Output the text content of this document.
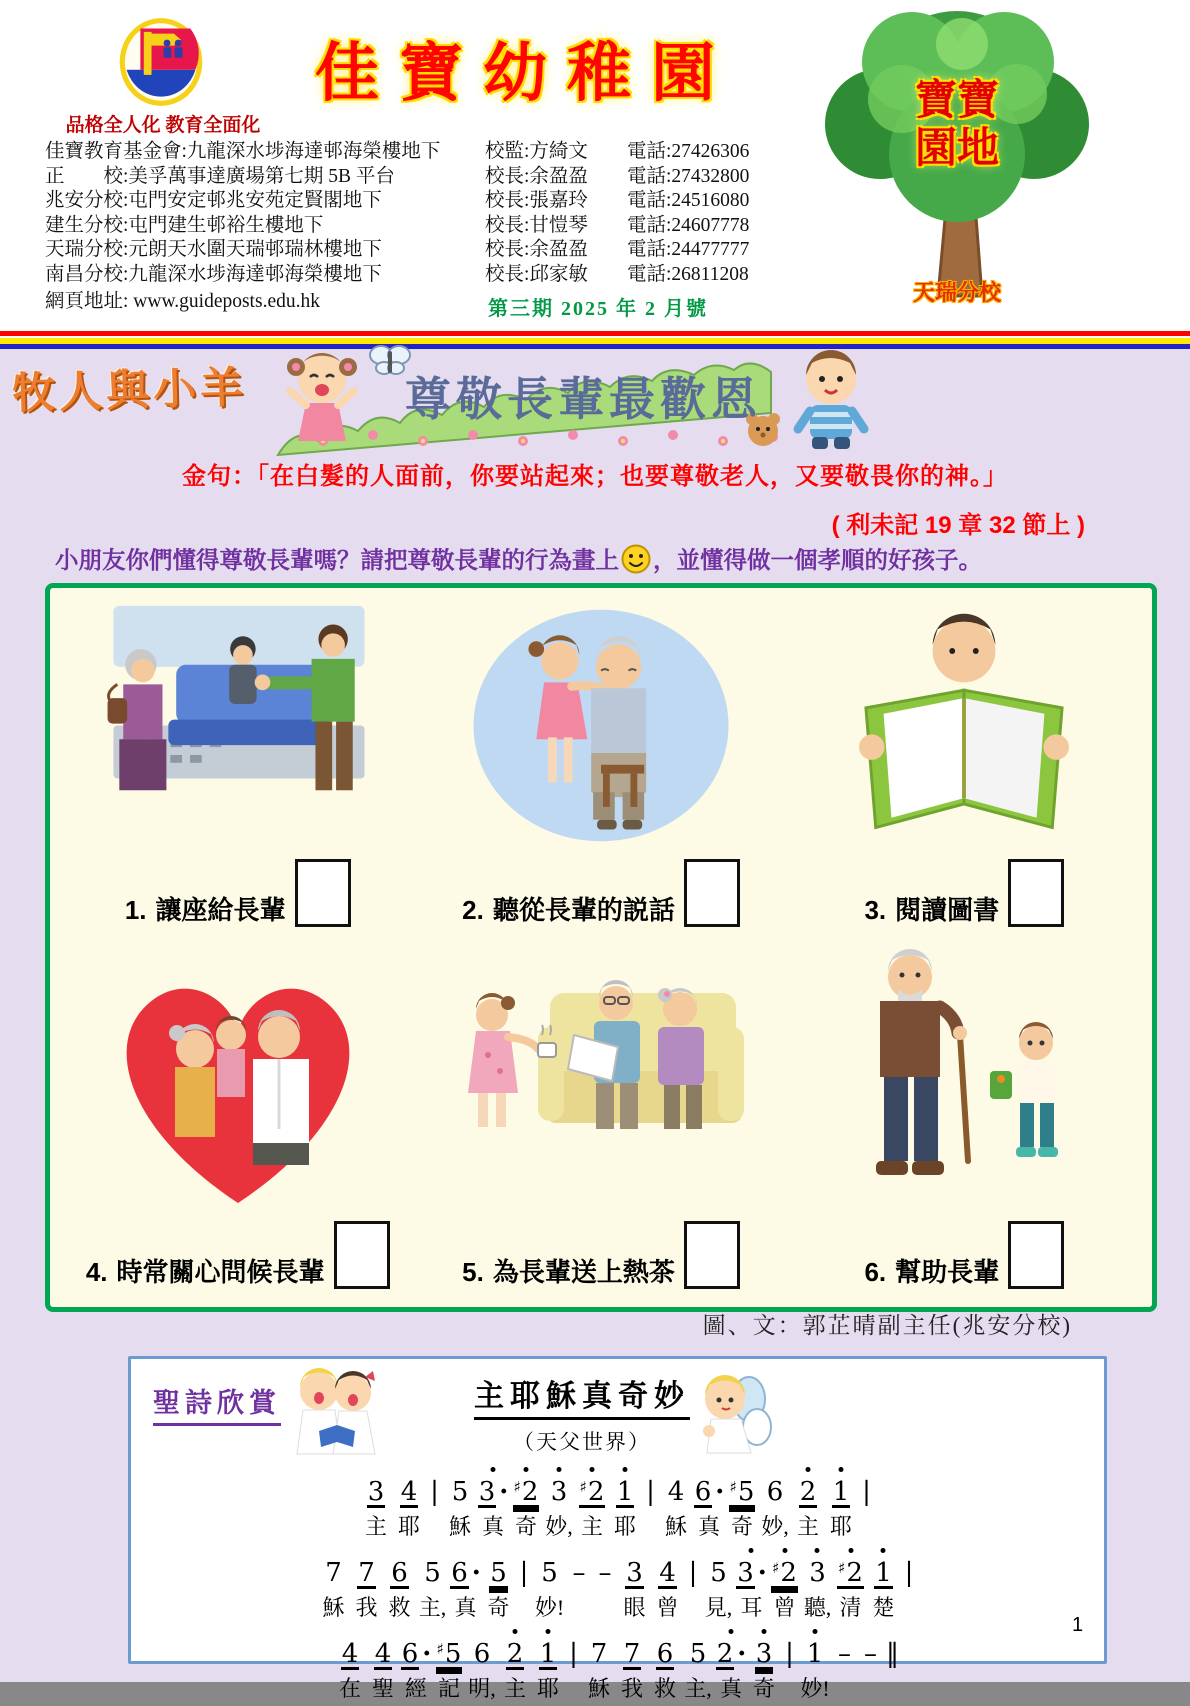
品格全人化 教育全面化
佳寶幼稚園
佳寶教育基金會:九龍深水埗海達邨海榮樓地下	校監:方綺文	電話:27426306
正　　校:美孚萬事達廣場第七期 5B 平台	校長:余盈盈	電話:27432800
兆安分校:屯門安定邨兆安苑定賢閣地下	校長:張嘉玲	電話:24516080
建生分校:屯門建生邨裕生樓地下	校長:甘愷琴	電話:24607778
天瑞分校:元朗天水圍天瑞邨瑞林樓地下	校長:余盈盈	電話:24477777
南昌分校:九龍深水埗海達邨海榮樓地下	校長:邱家敏	電話:26811208
網頁地址: www.guideposts.edu.hk	第三期 2025 年 2 月號
寶寶
園地
天瑞分校
牧人與小羊	尊敬長輩最歡恩
金句：「在白髮的人面前，你要站起來；也要尊敬老人，又要敬畏你的神。」
( 利未記 19 章 32 節上 )
小朋友你們懂得尊敬長輩嗎？請把尊敬長輩的行為畫上 ，並懂得做一個孝順的好孩子。
1. 讓座給長輩	2. 聽從長輩的説話	3. 閱讀圖書
4. 時常關心問候長輩	5. 為長輩送上熱茶	6. 幫助長輩
圖、文：郭芷晴副主任(兆安分校)
聖詩欣賞	主耶穌真奇妙
（天父世界）
3
主
4
耶
| 5
穌
3 ·
真
♯2
奇
3
妙,
♯2
主
1
耶
| 4
穌
6 ·
真
♯5
奇
6
妙,
2
主
1
耶
|
7
穌
7
我
6
救
5
主,
6 ·
真
5
奇
| 5
妙!
– – 3
眼
4
曾
| 5
見,
3 ·
耳
♯2
曾
3
聽,
♯2
清
1
楚
|
4
在
4
聖
6 ·
經
♯5
記
6
明,
2
主
1
耶
| 7
穌
7
我
6
救
5
主,
2 ·
真
3
奇
| 1
妙!
– – ‖
1
